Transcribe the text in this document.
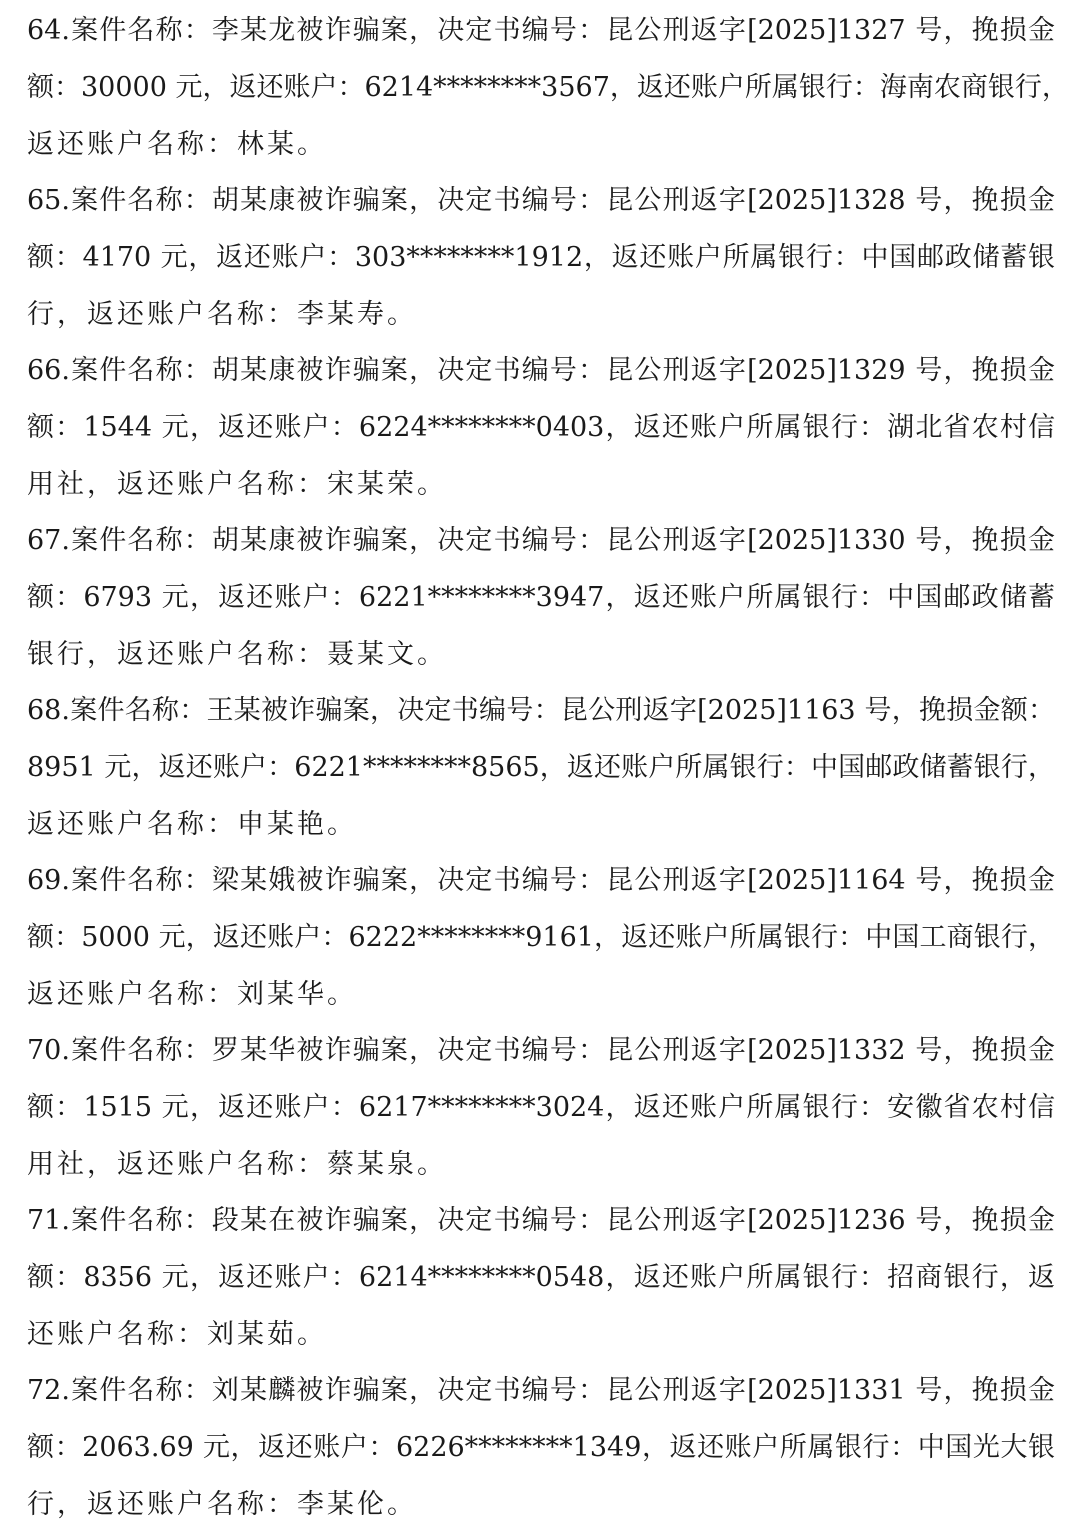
64.案件名称：李某龙被诈骗案，决定书编号：昆公刑返字[2025]1327 号，挽损金
额：30000 元，返还账户：6214********3567，返还账户所属银行：海南农商银行，
返还账户名称：林某。
65.案件名称：胡某康被诈骗案，决定书编号：昆公刑返字[2025]1328 号，挽损金
额：4170 元，返还账户：303********1912，返还账户所属银行：中国邮政储蓄银
行，返还账户名称：李某寿。
66.案件名称：胡某康被诈骗案，决定书编号：昆公刑返字[2025]1329 号，挽损金
额：1544 元，返还账户：6224********0403，返还账户所属银行：湖北省农村信
用社，返还账户名称：宋某荣。
67.案件名称：胡某康被诈骗案，决定书编号：昆公刑返字[2025]1330 号，挽损金
额：6793 元，返还账户：6221********3947，返还账户所属银行：中国邮政储蓄
银行，返还账户名称：聂某文。
68.案件名称：王某被诈骗案，决定书编号：昆公刑返字[2025]1163 号，挽损金额：
8951 元，返还账户：6221********8565，返还账户所属银行：中国邮政储蓄银行，
返还账户名称：申某艳。
69.案件名称：梁某娥被诈骗案，决定书编号：昆公刑返字[2025]1164 号，挽损金
额：5000 元，返还账户：6222********9161，返还账户所属银行：中国工商银行，
返还账户名称：刘某华。
70.案件名称：罗某华被诈骗案，决定书编号：昆公刑返字[2025]1332 号，挽损金
额：1515 元，返还账户：6217********3024，返还账户所属银行：安徽省农村信
用社，返还账户名称：蔡某泉。
71.案件名称：段某在被诈骗案，决定书编号：昆公刑返字[2025]1236 号，挽损金
额：8356 元，返还账户：6214********0548，返还账户所属银行：招商银行，返
还账户名称：刘某茹。
72.案件名称：刘某麟被诈骗案，决定书编号：昆公刑返字[2025]1331 号，挽损金
额：2063.69 元，返还账户：6226********1349，返还账户所属银行：中国光大银
行，返还账户名称：李某伦。
